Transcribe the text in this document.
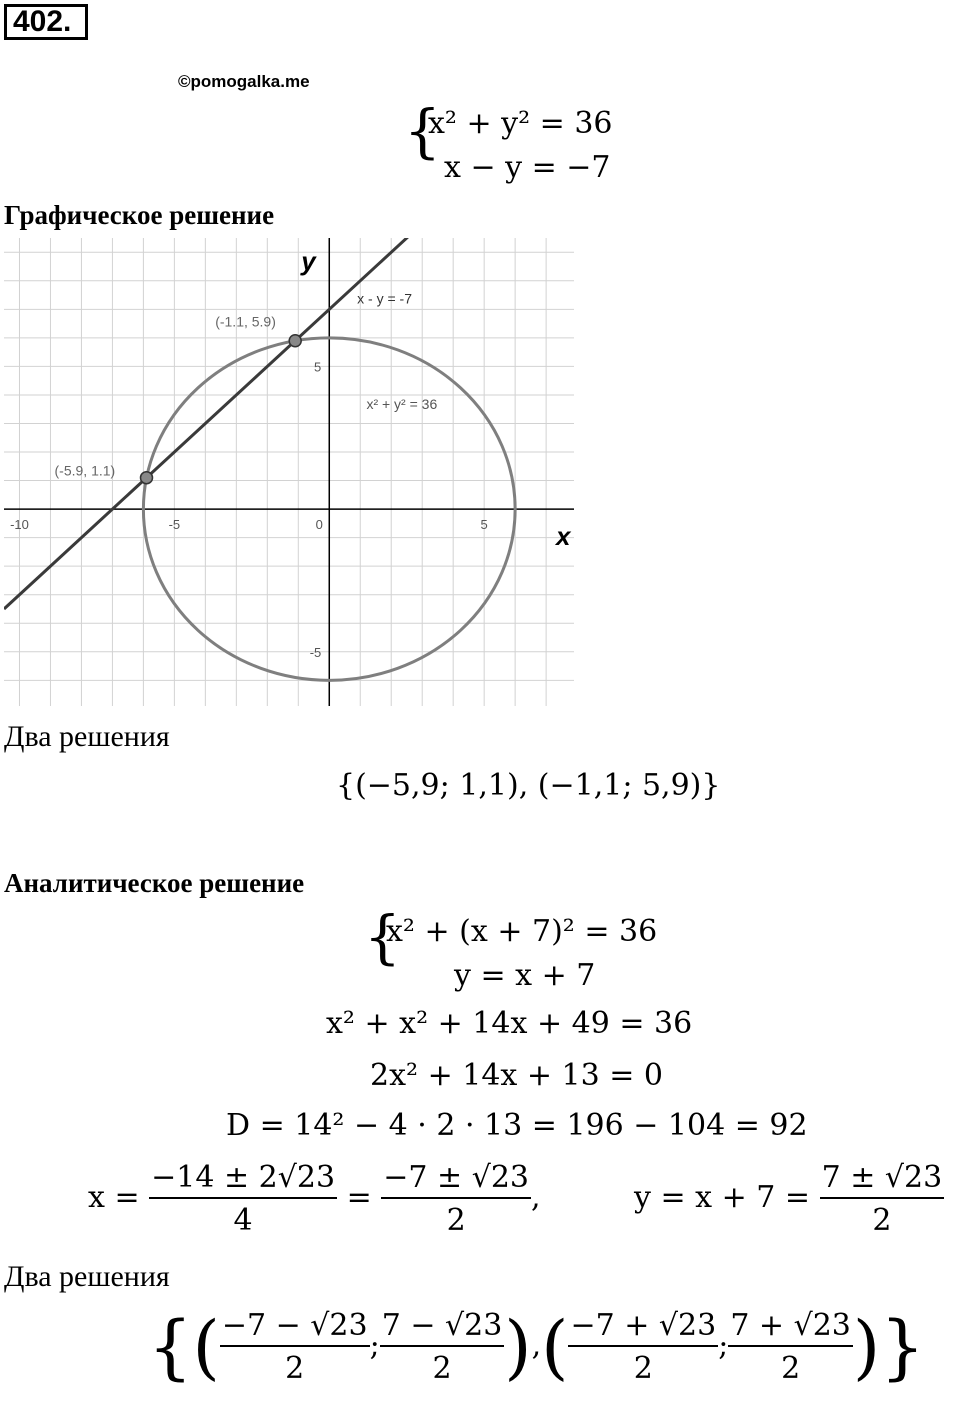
402.
©pomogalka.me
{
x² + y² = 36
x − y = −7
Графическое решение
-10	-5	0	5
-5
5
x
y
x - y = -7
x² + y² = 36
(-5.9, 1.1)
(-1.1, 5.9)
Два решения
{(−5,9; 1,1), (−1,1; 5,9)}
Аналитическое решение
{
x² + (x + 7)² = 36
y = x + 7
x² + x² + 14x + 49 = 36
2x² + 14x + 13 = 0
D = 14² − 4 · 2 · 13 = 196 − 104 = 92
$x = \frac{-14 \pm 2√23}{4} = \frac{-7 \pm √23}{2}$ ,	$y = x + 7 = \frac{7 \pm √23}{2}$
Два решения
{( $\frac{-7 - √23}{2}$ ; $\frac{7 - √23}{2}$ ),( $\frac{-7 + √23}{2}$ ; $\frac{7 + √23}{2}$ )}
